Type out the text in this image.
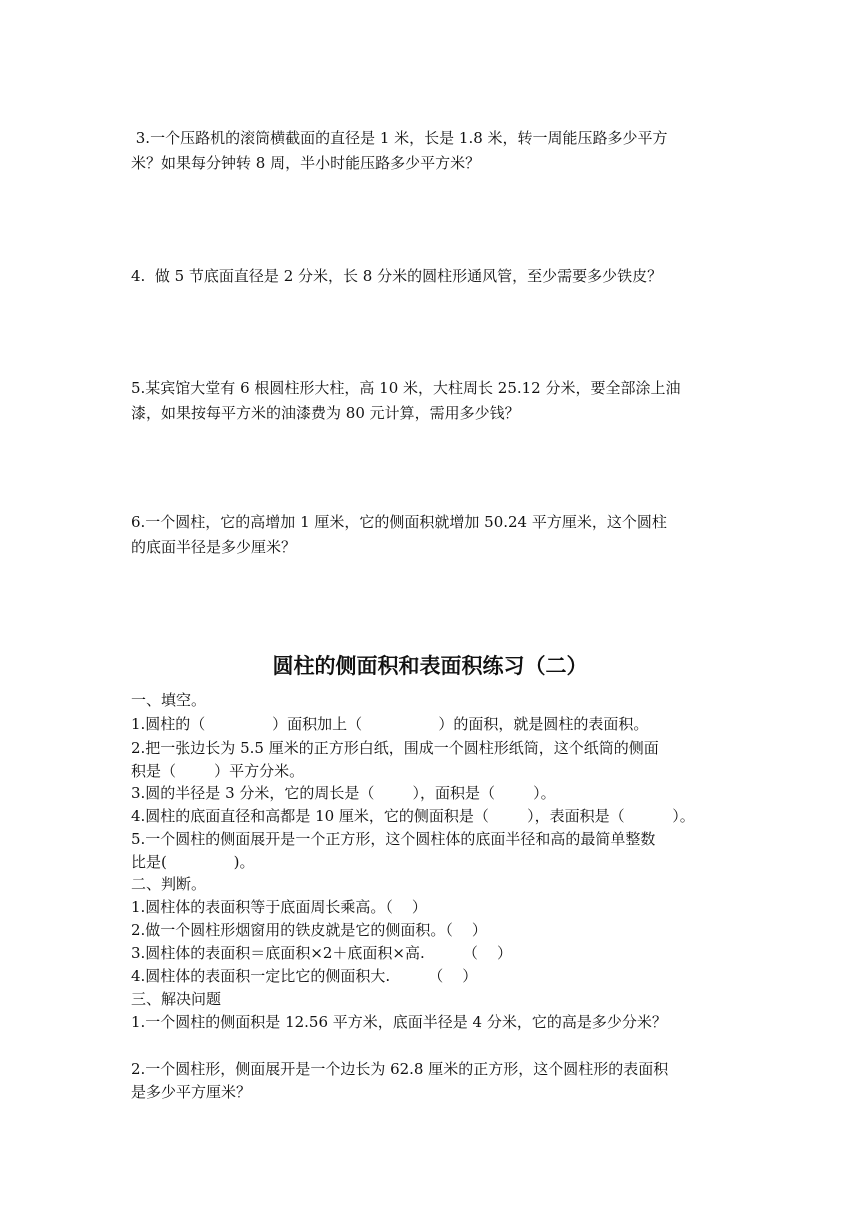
3.一个压路机的滚筒横截面的直径是 1 米，长是 1.8 米，转一周能压路多少平方

米？如果每分钟转 8 周，半小时能压路多少平方米？

4.  做 5 节底面直径是 2 分米，长 8 分米的圆柱形通风管，至少需要多少铁皮？

5.某宾馆大堂有 6 根圆柱形大柱，高 10 米，大柱周长 25.12 分米，要全部涂上油

漆，如果按每平方米的油漆费为 80 元计算，需用多少钱？

6.一个圆柱，它的高增加 1 厘米，它的侧面积就增加 50.24 平方厘米，这个圆柱

的底面半径是多少厘米？

圆柱的侧面积和表面积练习（二）

一、填空。

1.圆柱的（              ）面积加上（                ）的面积，就是圆柱的表面积。

2.把一张边长为 5.5 厘米的正方形白纸，围成一个圆柱形纸筒，这个纸筒的侧面

积是（        ）平方分米。

3.圆的半径是 3 分米，它的周长是（        ），面积是（        ）。

4.圆柱的底面直径和高都是 10 厘米，它的侧面积是（        ），表面积是（          ）。

5.一个圆柱的侧面展开是一个正方形，这个圆柱体的底面半径和高的最简单整数

比是(              )。

二、判断。

1.圆柱体的表面积等于底面周长乘高。（    ）

2.做一个圆柱形烟窗用的铁皮就是它的侧面积。（    ）

3.圆柱体的表面积＝底面积×2＋底面积×高.        （    ）

4.圆柱体的表面积一定比它的侧面积大.        （    ）

三、解决问题

1.一个圆柱的侧面积是 12.56 平方米，底面半径是 4 分米，它的高是多少分米？

2.一个圆柱形，侧面展开是一个边长为 62.8 厘米的正方形，这个圆柱形的表面积

是多少平方厘米？
